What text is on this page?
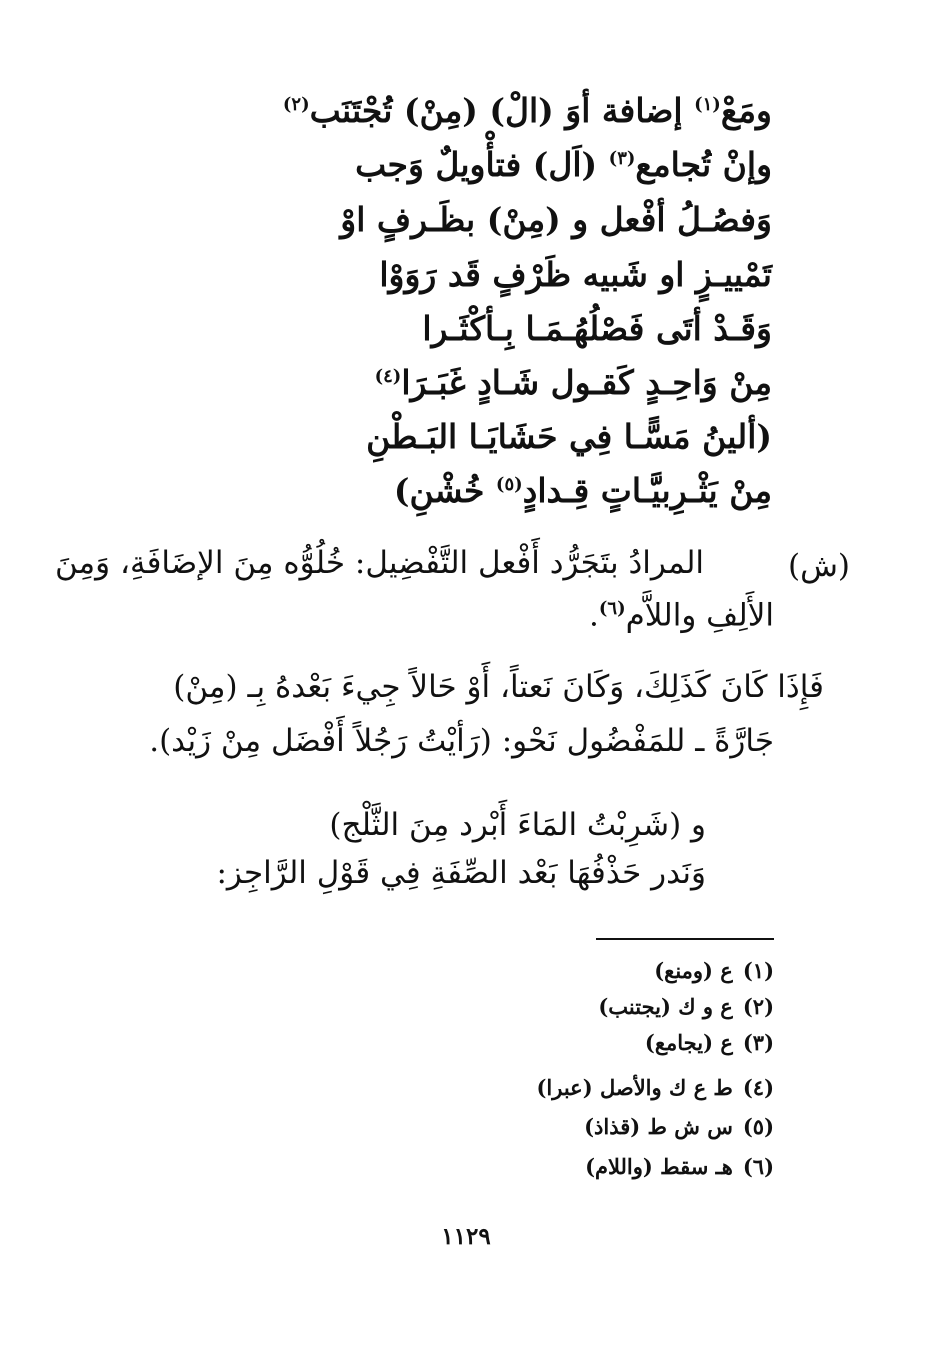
ومَعْ$^{(١)}$ إضافة أوَ (الْ) (مِنْ) تُجْتَنَب$^{(٢)}$
وإنْ تُجامع$^{(٣)}$ (اَل) فتأْويلٌ وَجب
وَفصُـلُ أفْعل و (مِنْ) بظَـرفٍ اوْ
تَمْييـزٍ او شَبيه ظَرْفٍ قَد رَوَوْا
وَقَـدْ أتَى فَصْلُهُـمَـا بِـأكْثَـرا
مِنْ وَاحِـدٍ كَقـول شَـادٍ غَبَـرَا$^{(٤)}$
(ألينُ مَسًّـا فِي حَشَايَـا البَـطْنِ
مِنْ يَثْـرِبيَّـاتٍ قِـدادٍ$^{(٥)}$ خُشْنِ)
(ش)
المرادُ بتَجَرُّد أَفْعل التَّفْضِيل: خُلُوُّه مِنَ الإضَافَةِ، وَمِنَ
الأَلِفِ واللاَّم$^{(٦)}$.
فَإِذَا كَانَ كَذَلِكَ، وَكَانَ نَعتاً، أَوْ حَالاً جِيءَ بَعْدهُ بِـ (مِنْ)
جَارَّةً ـ للمَفْضُول نَحْو: (رَأيْتُ رَجُلاً أَفْضَل مِنْ زَيْد).
و (شَرِبْتُ المَاءَ أَبْرد مِنَ الثَّلْج)
وَنَدر حَذْفُهَا بَعْد الصِّفَةِ فِي قَوْلِ الرَّاجِز:
(١)ع (ومنع)
(٢)ع و ك (يجتنب)
(٣)ع (يجامع)
(٤)ط ع ك والأصل (عبرا)
(٥)س ش ط (قذاذ)
(٦)هـ سقط (واللام)
١١٢٩
